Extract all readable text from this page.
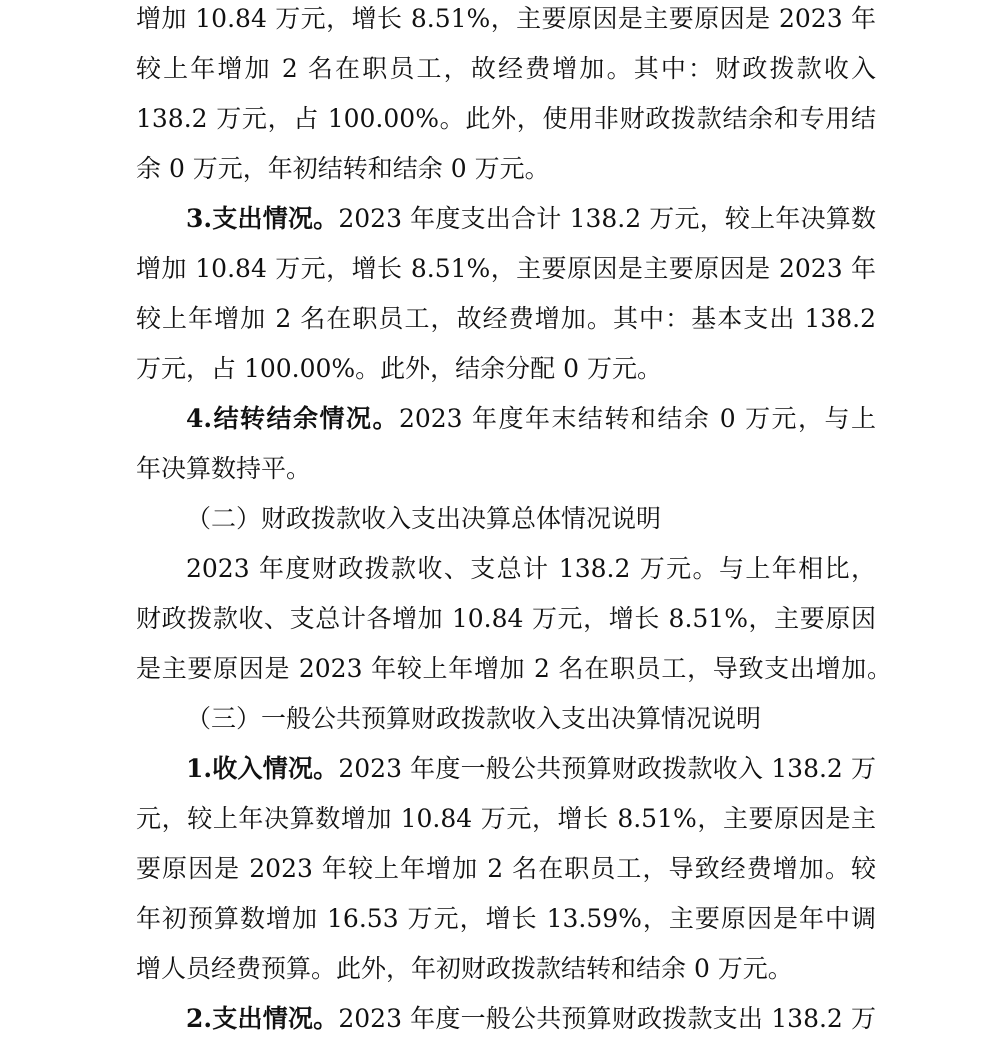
增加 10.84 万元，增长 8.51%，主要原因是主要原因是 2023 年
较上年增加 2 名在职员工，故经费增加。其中：财政拨款收入
138.2 万元，占 100.00%。此外，使用非财政拨款结余和专用结
余 0 万元，年初结转和结余 0 万元。
3.支出情况。2023 年度支出合计 138.2 万元，较上年决算数
增加 10.84 万元，增长 8.51%，主要原因是主要原因是 2023 年
较上年增加 2 名在职员工，故经费增加。其中：基本支出 138.2
万元，占 100.00%。此外，结余分配 0 万元。
4.结转结余情况。2023 年度年末结转和结余 0 万元，与上
年决算数持平。
（二）财政拨款收入支出决算总体情况说明
2023 年度财政拨款收、支总计 138.2 万元。与上年相比，
财政拨款收、支总计各增加 10.84 万元，增长 8.51%，主要原因
是主要原因是 2023 年较上年增加 2 名在职员工，导致支出增加。
（三）一般公共预算财政拨款收入支出决算情况说明
1.收入情况。2023 年度一般公共预算财政拨款收入 138.2 万
元，较上年决算数增加 10.84 万元，增长 8.51%，主要原因是主
要原因是 2023 年较上年增加 2 名在职员工，导致经费增加。较
年初预算数增加 16.53 万元，增长 13.59%，主要原因是年中调
增人员经费预算。此外，年初财政拨款结转和结余 0 万元。
2.支出情况。2023 年度一般公共预算财政拨款支出 138.2 万
